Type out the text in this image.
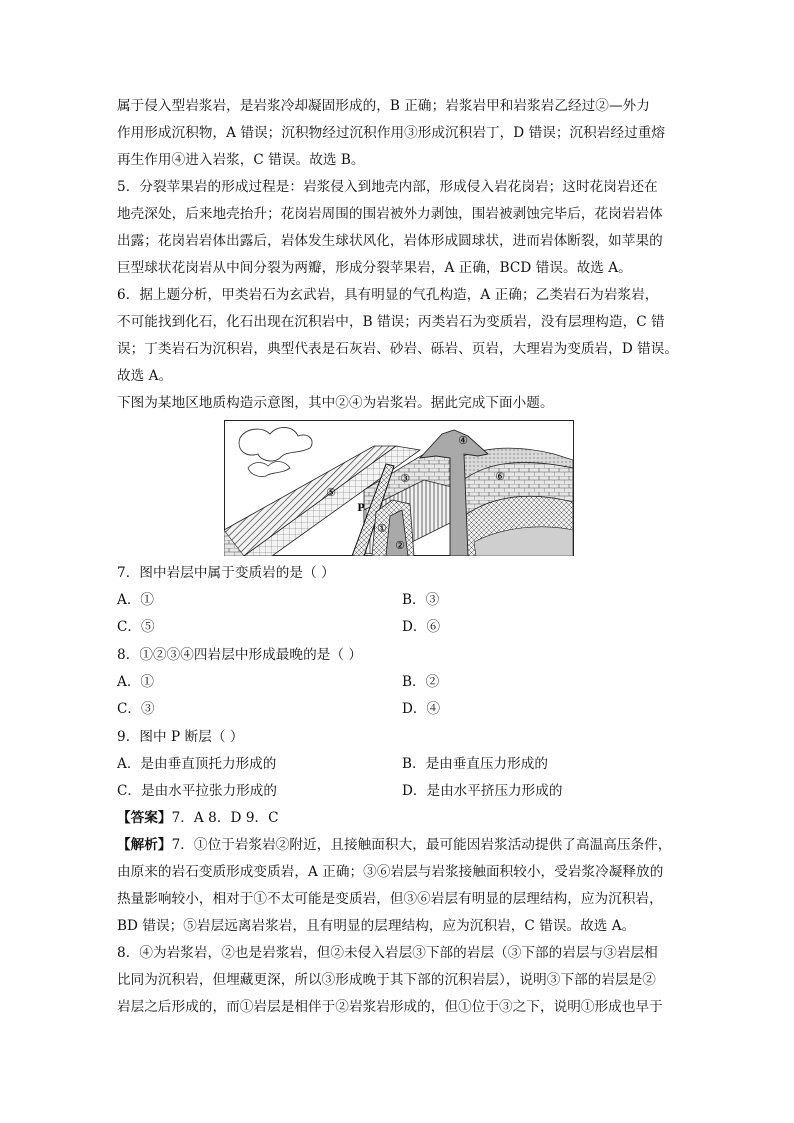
属于侵入型岩浆岩，是岩浆冷却凝固形成的，B 正确；岩浆岩甲和岩浆岩乙经过②—外力
作用形成沉积物，A 错误；沉积物经过沉积作用③形成沉积岩丁，D 错误；沉积岩经过重熔
再生作用④进入岩浆，C 错误。故选 B。
5．分裂苹果岩的形成过程是：岩浆侵入到地壳内部，形成侵入岩花岗岩；这时花岗岩还在
地壳深处，后来地壳抬升；花岗岩周围的围岩被外力剥蚀，围岩被剥蚀完毕后，花岗岩岩体
出露；花岗岩岩体出露后，岩体发生球状风化，岩体形成圆球状，进而岩体断裂，如苹果的
巨型球状花岗岩从中间分裂为两瓣，形成分裂苹果岩，A 正确，BCD 错误。故选 A。
6．据上题分析，甲类岩石为玄武岩，具有明显的气孔构造，A 正确；乙类岩石为岩浆岩，
不可能找到化石，化石出现在沉积岩中，B 错误；丙类岩石为变质岩，没有层理构造，C 错
误；丁类岩石为沉积岩，典型代表是石灰岩、砂岩、砾岩、页岩，大理岩为变质岩，D 错误。
故选 A。
下图为某地区地质构造示意图，其中②④为岩浆岩。据此完成下面小题。
⑤
③
④
⑥
P
①
②
7．图中岩层中属于变质岩的是（ ）
A．①	B．③
C．⑤	D．⑥
8．①②③④四岩层中形成最晚的是（ ）
A．①	B．②
C．③	D．④
9．图中 P 断层（ ）
A．是由垂直顶托力形成的	B．是由垂直压力形成的
C．是由水平拉张力形成的	D．是由水平挤压力形成的
【答案】7．A 8．D 9．C
【解析】7．①位于岩浆岩②附近，且接触面积大，最可能因岩浆活动提供了高温高压条件，
由原来的岩石变质形成变质岩，A 正确；③⑥岩层与岩浆接触面积较小，受岩浆冷凝释放的
热量影响较小，相对于①不太可能是变质岩，但③⑥岩层有明显的层理结构，应为沉积岩，
BD 错误；⑤岩层远离岩浆岩，且有明显的层理结构，应为沉积岩，C 错误。故选 A。
8．④为岩浆岩，②也是岩浆岩，但②未侵入岩层③下部的岩层（③下部的岩层与③岩层相
比同为沉积岩，但埋藏更深，所以③形成晚于其下部的沉积岩层），说明③下部的岩层是②
岩层之后形成的，而①岩层是相伴于②岩浆岩形成的，但①位于③之下，说明①形成也早于
